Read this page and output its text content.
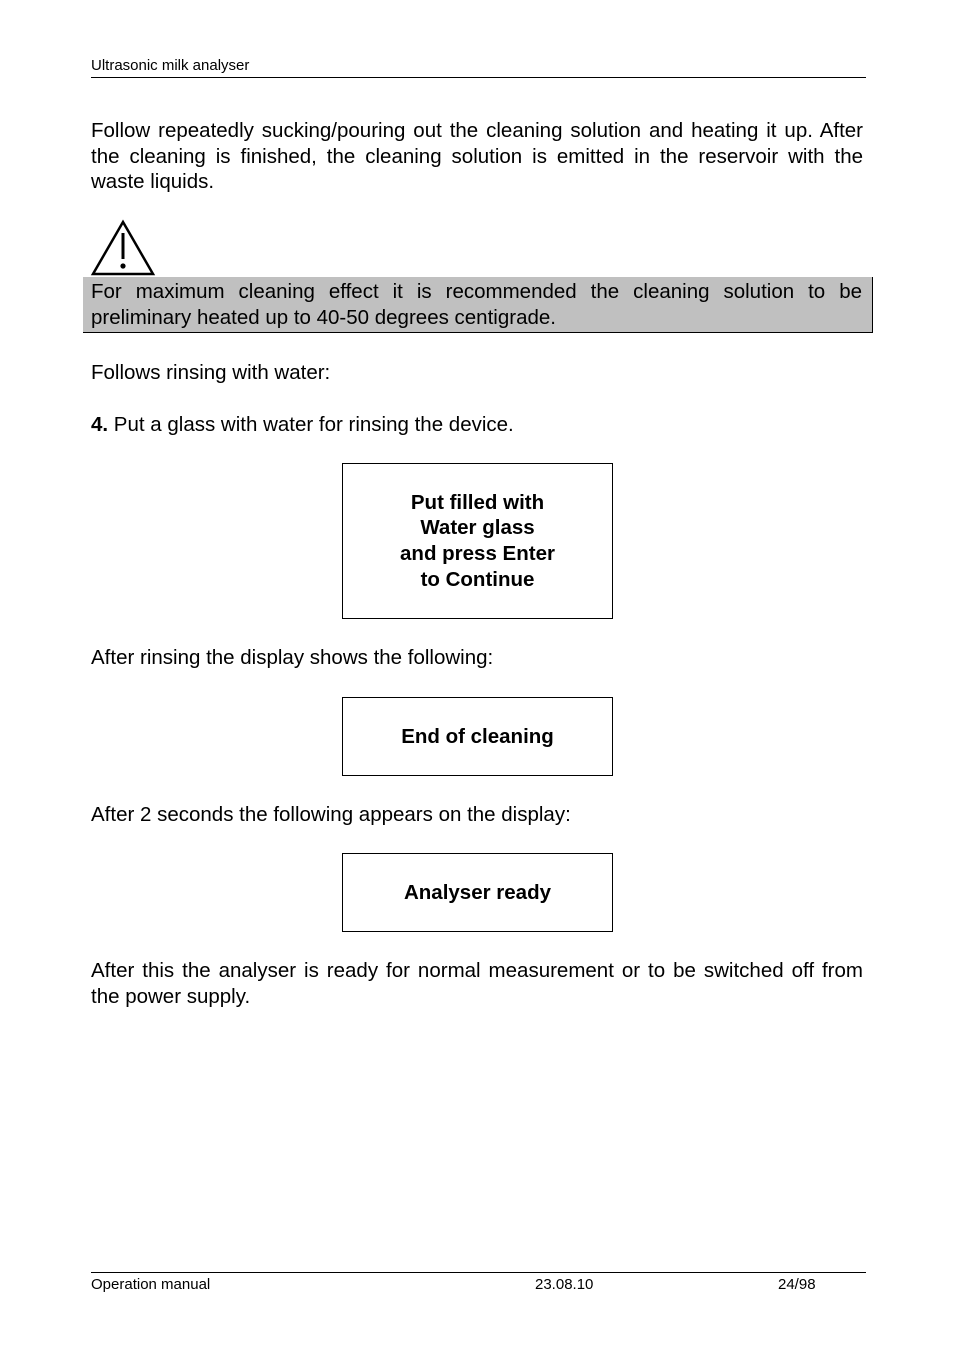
Ultrasonic milk analyser
Follow repeatedly sucking/pouring out the cleaning solution and heating it up. After the cleaning is finished, the cleaning solution is emitted in the reservoir with the waste liquids.
For maximum cleaning effect it is recommended the cleaning solution to be preliminary heated up to 40-50 degrees centigrade.
Follows rinsing with water:
4. Put a glass with water for rinsing the device.
Put filled with
Water glass
and press Enter
to Continue
After rinsing the display shows the following:
End of cleaning
After 2 seconds the following appears on the display:
Analyser ready
After this the analyser is ready for normal measurement or to be switched off from the power supply.
Operation manual	23.08.10	24/98
